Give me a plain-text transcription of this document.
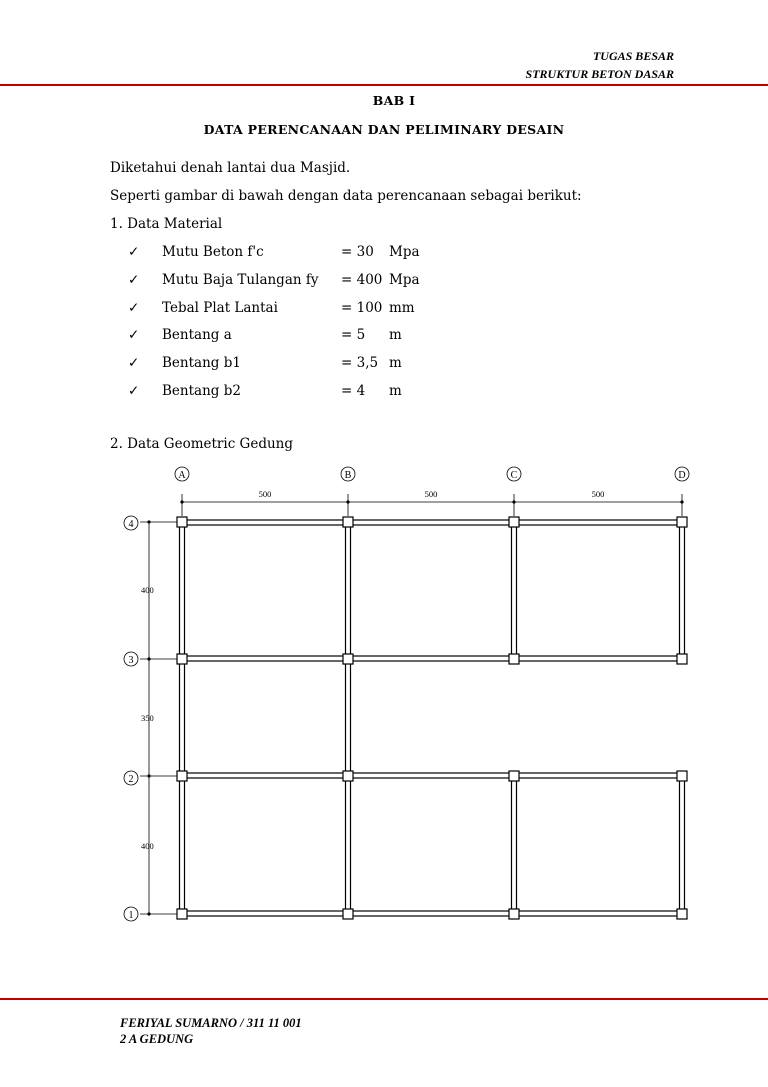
TUGAS BESAR
STRUKTUR BETON DASAR
BAB I
DATA PERENCANAAN DAN PELIMINARY DESAIN
Diketahui denah lantai dua Masjid.
Seperti gambar di bawah dengan data perencanaan sebagai berikut:
1. Data Material
✓ Mutu Beton f'c	= 30 Mpa
✓ Mutu Baja Tulangan fy = 400 Mpa
✓ Tebal Plat Lantai	= 100 mm
✓ Bentang a	= 5 m
✓ Bentang b1	= 3,5 m
✓ Bentang b2	= 4 m
2. Data Geometric Gedung
A	B	C	D
4
3
2
1
500	500	500
400
350
400
FERIYAL SUMARNO / 311 11 001
2 A GEDUNG
